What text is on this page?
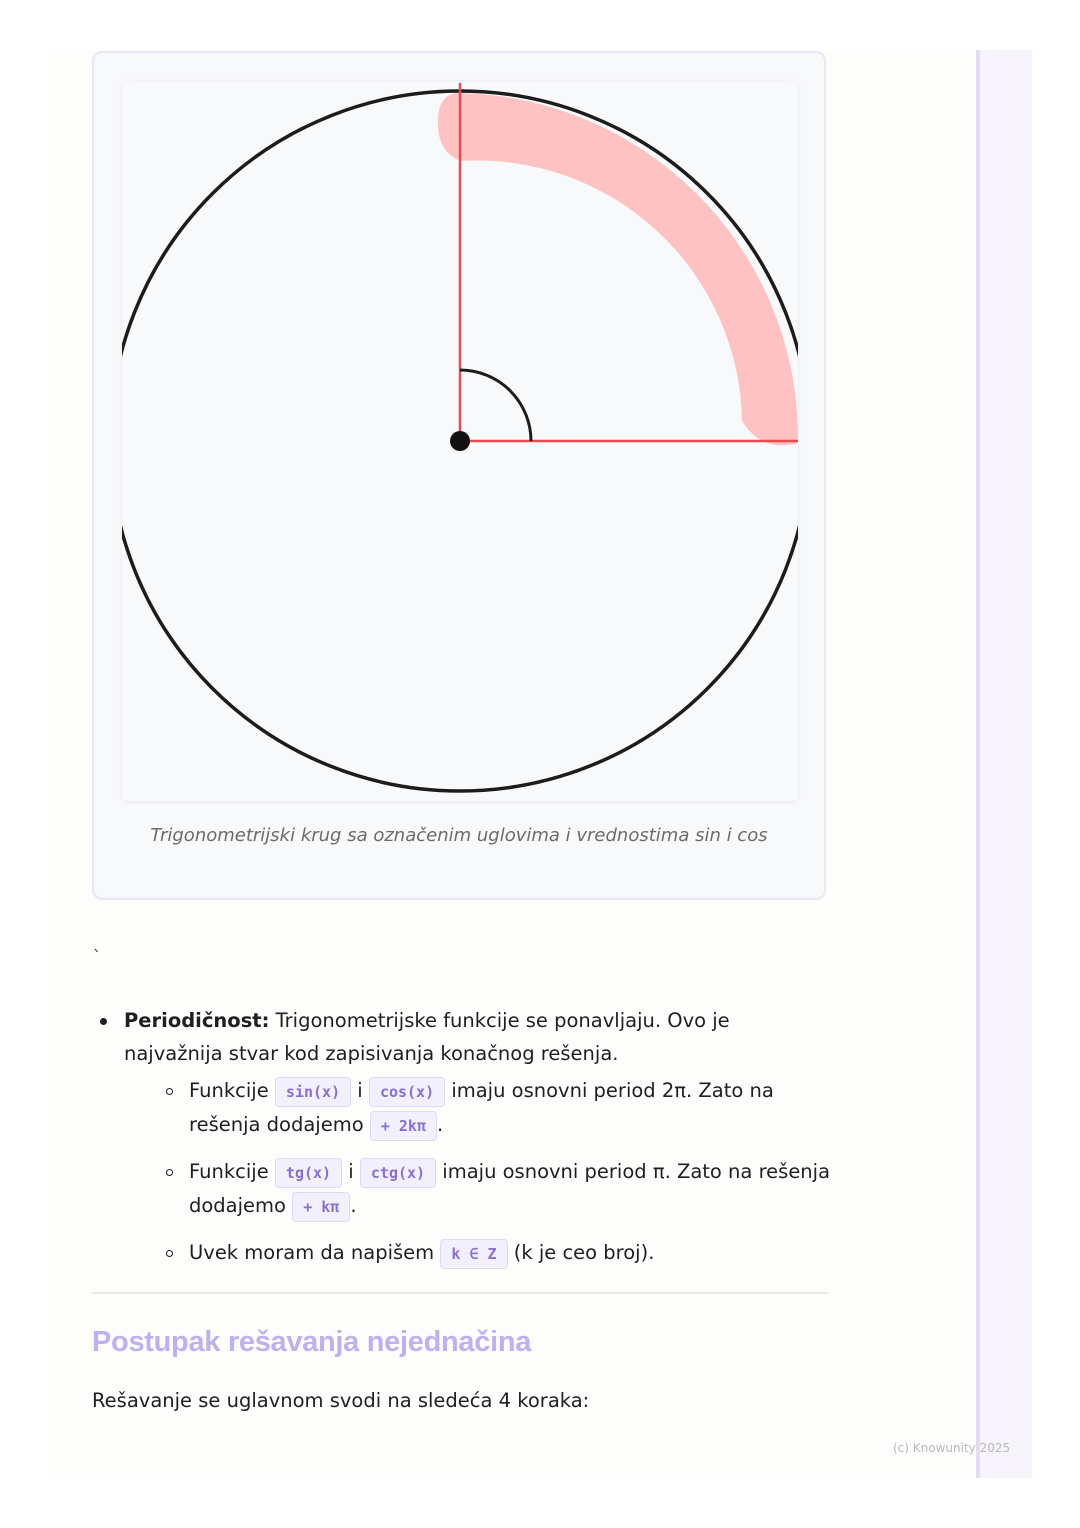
Trigonometrijski krug sa označenim uglovima i vrednostima sin i cos
`
Periodičnost: Trigonometrijske funkcije se ponavljaju. Ovo je najvažnija stvar kod zapisivanja konačnog rešenja.
Funkcije sin(x) i cos(x) imaju osnovni period 2π. Zato na rešenja dodajemo + 2kπ .
Funkcije tg(x) i ctg(x) imaju osnovni period π. Zato na rešenja dodajemo + kπ .
Uvek moram da napišem k ∈ Z (k je ceo broj).
Postupak rešavanja nejednačina
Rešavanje se uglavnom svodi na sledeća 4 koraka:
(c) Knowunity 2025
